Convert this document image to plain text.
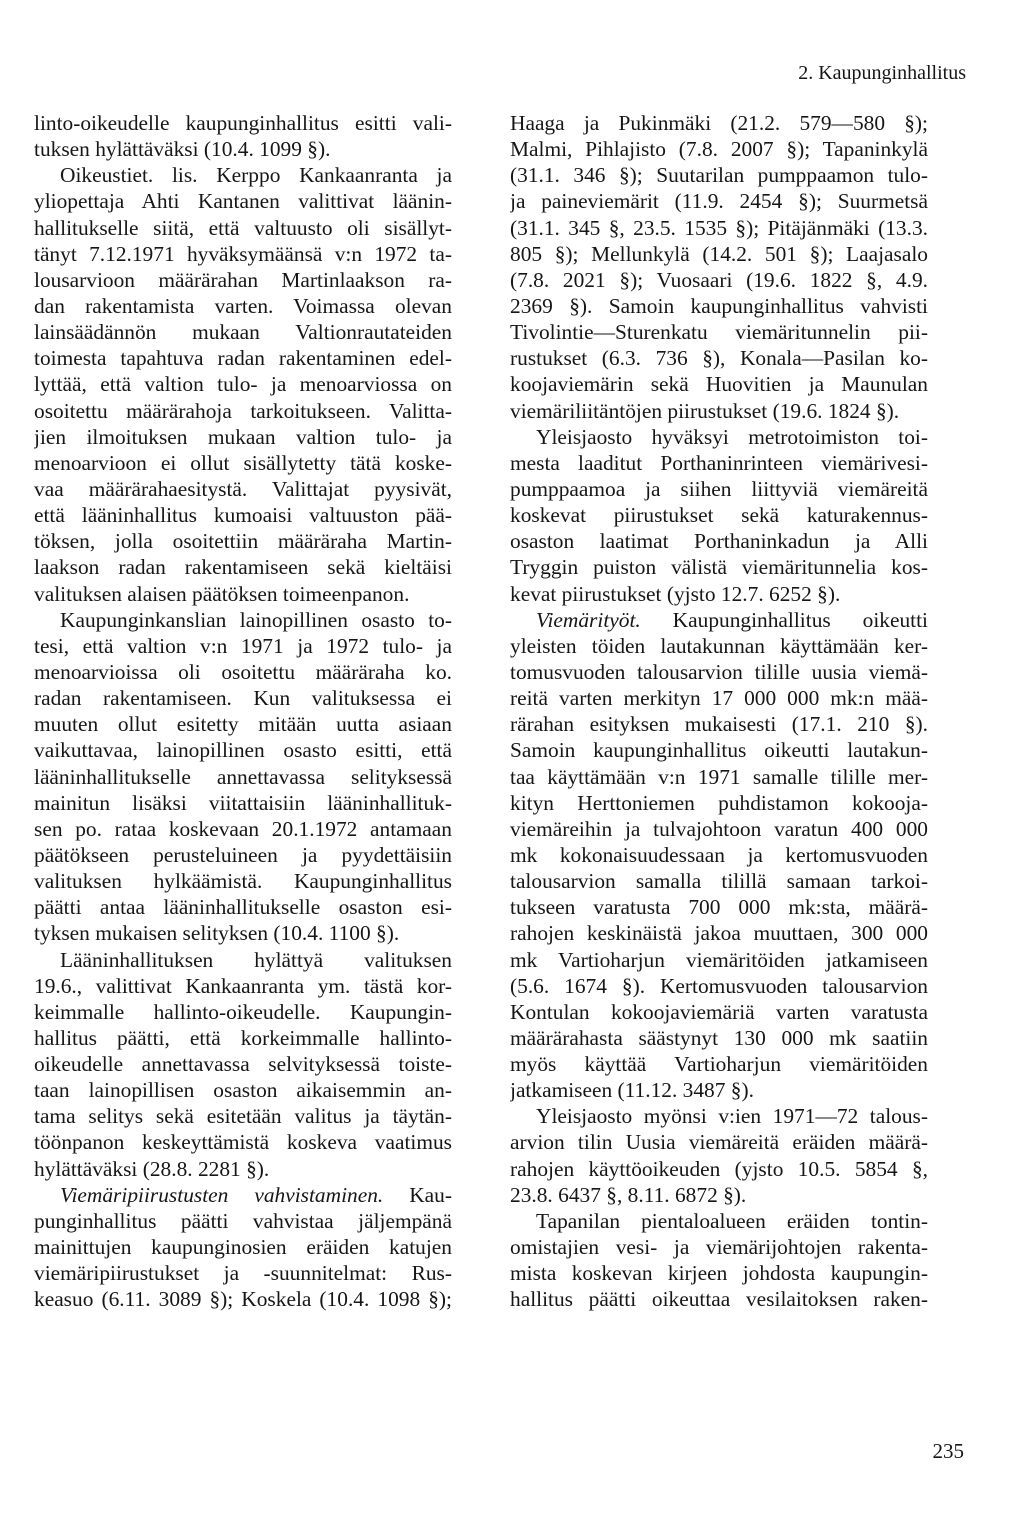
2. Kaupunginhallitus
linto-oikeudelle kaupunginhallitus esitti vali-
tuksen hylättäväksi (10.4. 1099 §).
Oikeustiet. lis. Kerppo Kankaanranta ja
yliopettaja Ahti Kantanen valittivat läänin-
hallitukselle siitä, että valtuusto oli sisällyt-
tänyt 7.12.1971 hyväksymäänsä v:n 1972 ta-
lousarvioon määrärahan Martinlaakson ra-
dan rakentamista varten. Voimassa olevan
lainsäädännön mukaan Valtionrautateiden
toimesta tapahtuva radan rakentaminen edel-
lyttää, että valtion tulo- ja menoarviossa on
osoitettu määrärahoja tarkoitukseen. Valitta-
jien ilmoituksen mukaan valtion tulo- ja
menoarvioon ei ollut sisällytetty tätä koske-
vaa määrärahaesitystä. Valittajat pyysivät,
että lääninhallitus kumoaisi valtuuston pää-
töksen, jolla osoitettiin määräraha Martin-
laakson radan rakentamiseen sekä kieltäisi
valituksen alaisen päätöksen toimeenpanon.
Kaupunginkanslian lainopillinen osasto to-
tesi, että valtion v:n 1971 ja 1972 tulo- ja
menoarvioissa oli osoitettu määräraha ko.
radan rakentamiseen. Kun valituksessa ei
muuten ollut esitetty mitään uutta asiaan
vaikuttavaa, lainopillinen osasto esitti, että
lääninhallitukselle annettavassa selityksessä
mainitun lisäksi viitattaisiin lääninhallituk-
sen po. rataa koskevaan 20.1.1972 antamaan
päätökseen perusteluineen ja pyydettäisiin
valituksen hylkäämistä. Kaupunginhallitus
päätti antaa lääninhallitukselle osaston esi-
tyksen mukaisen selityksen (10.4. 1100 §).
Lääninhallituksen hylättyä valituksen
19.6., valittivat Kankaanranta ym. tästä kor-
keimmalle hallinto-oikeudelle. Kaupungin-
hallitus päätti, että korkeimmalle hallinto-
oikeudelle annettavassa selvityksessä toiste-
taan lainopillisen osaston aikaisemmin an-
tama selitys sekä esitetään valitus ja täytän-
töönpanon keskeyttämistä koskeva vaatimus
hylättäväksi (28.8. 2281 §).
Viemäripiirustusten vahvistaminen. Kau-
punginhallitus päätti vahvistaa jäljempänä
mainittujen kaupunginosien eräiden katujen
viemäripiirustukset ja -suunnitelmat: Rus-
keasuo (6.11. 3089 §); Koskela (10.4. 1098 §);
Haaga ja Pukinmäki (21.2. 579—580 §);
Malmi, Pihlajisto (7.8. 2007 §); Tapaninkylä
(31.1. 346 §); Suutarilan pumppaamon tulo-
ja paineviemärit (11.9. 2454 §); Suurmetsä
(31.1. 345 §, 23.5. 1535 §); Pitäjänmäki (13.3.
805 §); Mellunkylä (14.2. 501 §); Laajasalo
(7.8. 2021 §); Vuosaari (19.6. 1822 §, 4.9.
2369 §). Samoin kaupunginhallitus vahvisti
Tivolintie—Sturenkatu viemäritunnelin pii-
rustukset (6.3. 736 §), Konala—Pasilan ko-
koojaviemärin sekä Huovitien ja Maunulan
viemäriliitäntöjen piirustukset (19.6. 1824 §).
Yleisjaosto hyväksyi metrotoimiston toi-
mesta laaditut Porthaninrinteen viemärivesi-
pumppaamoa ja siihen liittyviä viemäreitä
koskevat piirustukset sekä katurakennus-
osaston laatimat Porthaninkadun ja Alli
Tryggin puiston välistä viemäritunnelia kos-
kevat piirustukset (yjsto 12.7. 6252 §).
Viemärityöt. Kaupunginhallitus oikeutti
yleisten töiden lautakunnan käyttämään ker-
tomusvuoden talousarvion tilille uusia viemä-
reitä varten merkityn 17 000 000 mk:n mää-
rärahan esityksen mukaisesti (17.1. 210 §).
Samoin kaupunginhallitus oikeutti lautakun-
taa käyttämään v:n 1971 samalle tilille mer-
kityn Herttoniemen puhdistamon kokooja-
viemäreihin ja tulvajohtoon varatun 400 000
mk kokonaisuudessaan ja kertomusvuoden
talousarvion samalla tilillä samaan tarkoi-
tukseen varatusta 700 000 mk:sta, määrä-
rahojen keskinäistä jakoa muuttaen, 300 000
mk Vartioharjun viemäritöiden jatkamiseen
(5.6. 1674 §). Kertomusvuoden talousarvion
Kontulan kokoojaviemäriä varten varatusta
määrärahasta säästynyt 130 000 mk saatiin
myös käyttää Vartioharjun viemäritöiden
jatkamiseen (11.12. 3487 §).
Yleisjaosto myönsi v:ien 1971—72 talous-
arvion tilin Uusia viemäreitä eräiden määrä-
rahojen käyttöoikeuden (yjsto 10.5. 5854 §,
23.8. 6437 §, 8.11. 6872 §).
Tapanilan pientaloalueen eräiden tontin-
omistajien vesi- ja viemärijohtojen rakenta-
mista koskevan kirjeen johdosta kaupungin-
hallitus päätti oikeuttaa vesilaitoksen raken-
235
